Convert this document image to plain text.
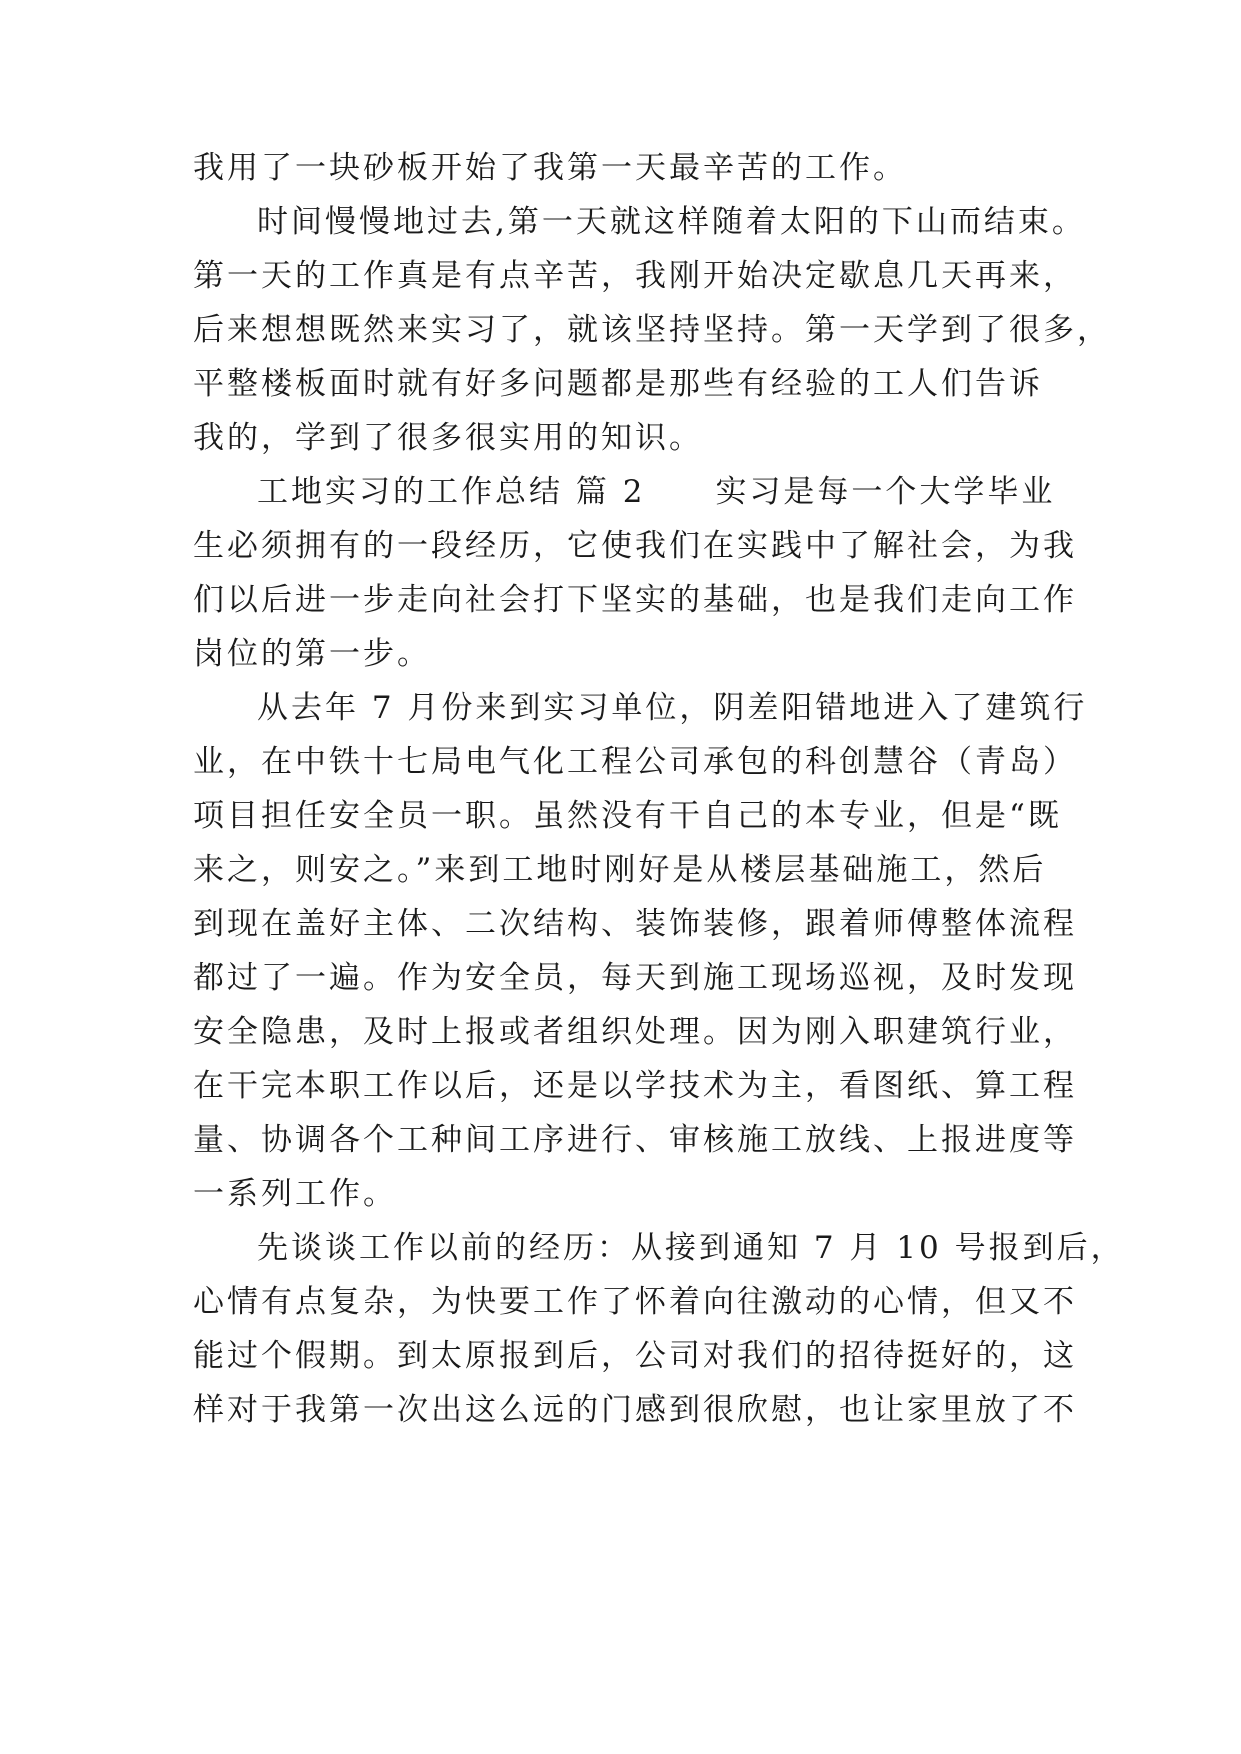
我用了一块砂板开始了我第一天最辛苦的工作。
时间慢慢地过去,第一天就这样随着太阳的下山而结束。
第一天的工作真是有点辛苦，我刚开始决定歇息几天再来，
后来想想既然来实习了，就该坚持坚持。第一天学到了很多，
平整楼板面时就有好多问题都是那些有经验的工人们告诉
我的，学到了很多很实用的知识。
工地实习的工作总结 篇 2 实习是每一个大学毕业
生必须拥有的一段经历，它使我们在实践中了解社会，为我
们以后进一步走向社会打下坚实的基础，也是我们走向工作
岗位的第一步。
从去年 7 月份来到实习单位，阴差阳错地进入了建筑行
业，在中铁十七局电气化工程公司承包的科创慧谷（青岛）
项目担任安全员一职。虽然没有干自己的本专业，但是“既
来之，则安之。”来到工地时刚好是从楼层基础施工，然后
到现在盖好主体、二次结构、装饰装修，跟着师傅整体流程
都过了一遍。作为安全员，每天到施工现场巡视，及时发现
安全隐患，及时上报或者组织处理。因为刚入职建筑行业，
在干完本职工作以后，还是以学技术为主，看图纸、算工程
量、协调各个工种间工序进行、审核施工放线、上报进度等
一系列工作。
先谈谈工作以前的经历：从接到通知 7 月 10 号报到后，
心情有点复杂，为快要工作了怀着向往激动的心情，但又不
能过个假期。到太原报到后，公司对我们的招待挺好的，这
样对于我第一次出这么远的门感到很欣慰，也让家里放了不
